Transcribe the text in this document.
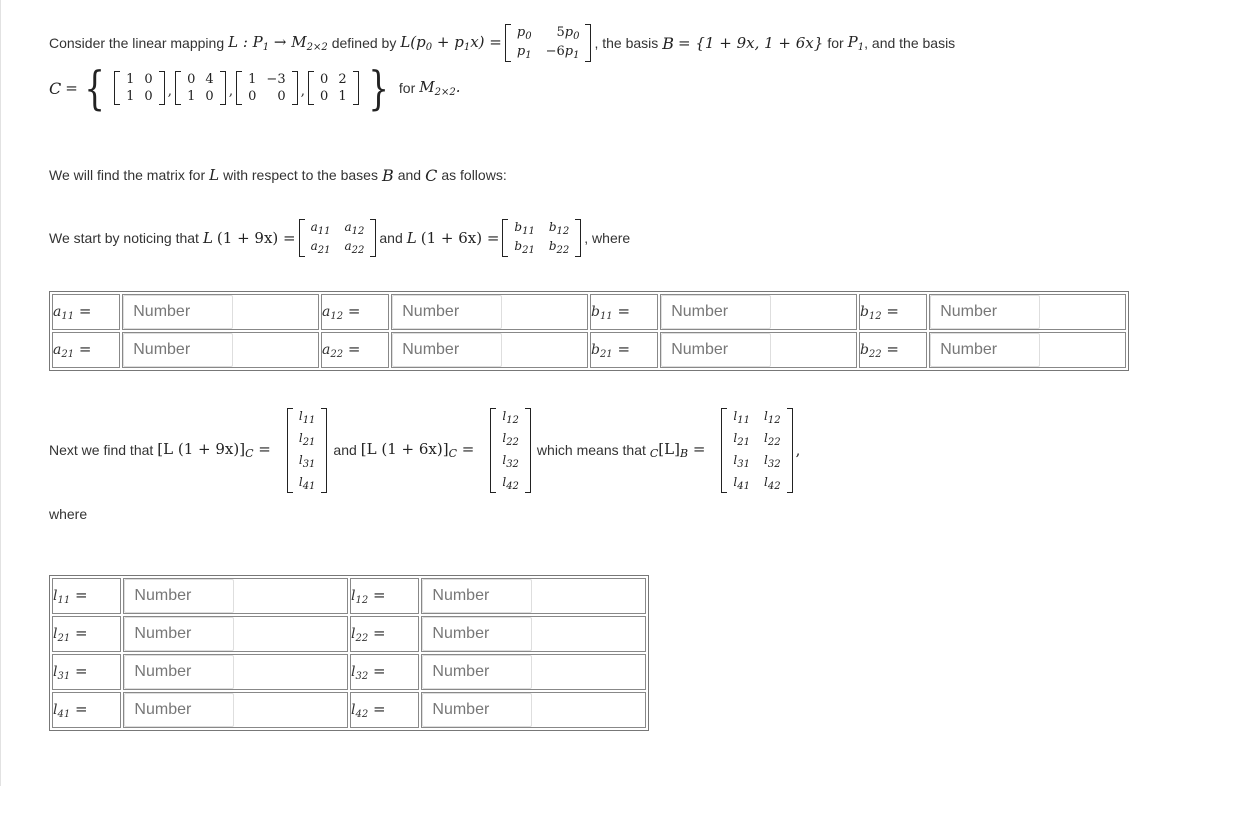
Consider the linear mapping L : $P_1 \to M_{2\times 2}$ defined by $L(p_0 + p_1x)$ =
$p_0$	$5p_0$
$p_1 -6p_1$
, the basis B = {1 + 9x, 1 + 6x} for $P_1$ , and the basis
C = { 1 0
1 0 ,
0 4
1 0 ,
1 −3
0	0 ,
0 2
0 1 } for $M_{2\times 2}$.
We will find the matrix for L with respect to the bases B and C as follows:
We start by noticing that L (1 + 9x) =
$a_{11}$ $a_{12}$
$a_{21}$ $a_{22}$
and L (1 + 6x) =
$b_{11}$ $b_{12}$
$b_{21}$ $b_{22}$
, where
$a_{11}$ =	Number	$a_{12}$ =	Number	$b_{11}$ =	Number	$b_{12}$ =	Number

$a_{21}$ =	Number	$a_{22}$ =	Number	$b_{21}$ =	Number	$b_{22}$ =	Number
Next we find that [L $(1 + 9x)]_C$ =
$l_{11}$
$l_{21}$
$l_{31}$
$l_{41}$
and [L $(1 + 6x)]_C$ =
$l_{12}$
$l_{22}$
$l_{32}$
$l_{42}$
which means that $_C[L]_B$ =
$l_{11}$ $l_{12}$
$l_{21}$ $l_{22}$
$l_{31}$ $l_{32}$
$l_{41}$ $l_{42}$
,
where
$l_{11}$ =	Number	$l_{12}$ =	Number

$l_{21}$ =	Number	$l_{22}$ =	Number

$l_{31}$ =	Number	$l_{32}$ =	Number

$l_{41}$ =	Number	$l_{42}$ =	Number
